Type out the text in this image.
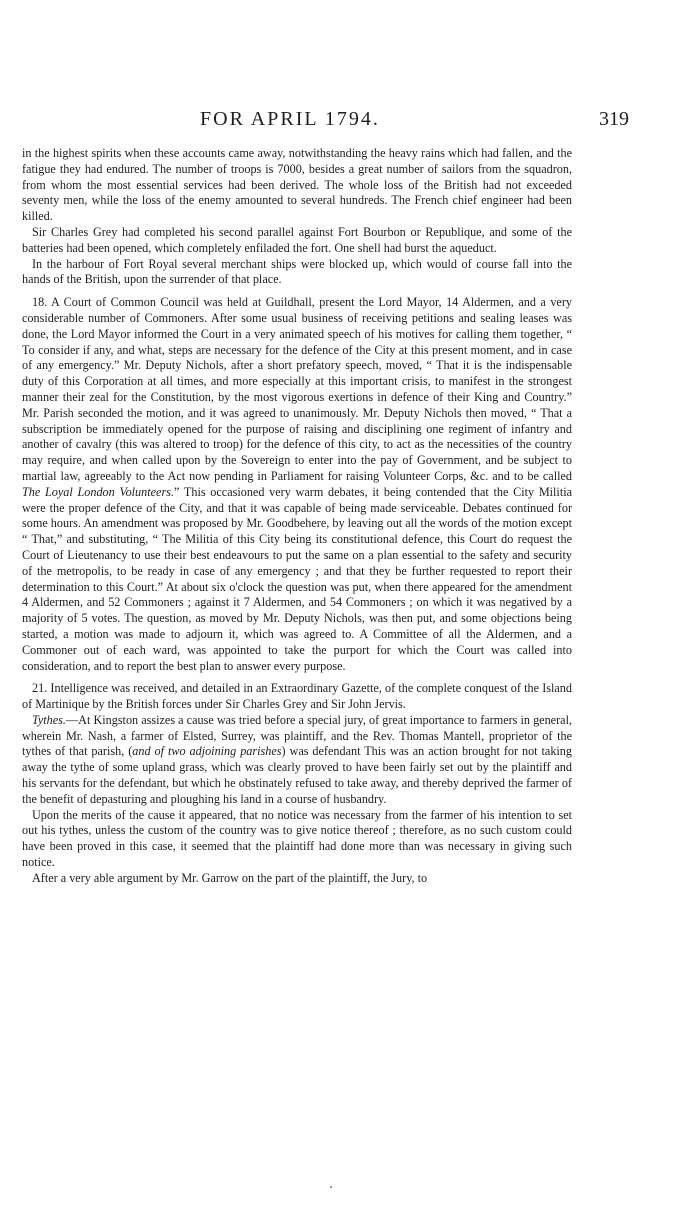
FOR APRIL 1794.	319

in the highest spirits when these accounts came away, notwithstanding the heavy rains which had fallen, and the fatigue they had endured. The number of troops is 7000, besides a great number of sailors from the squadron, from whom the most essential services had been derived. The whole loss of the British had not exceeded seventy men, while the loss of the enemy amounted to several hundreds. The French chief engineer had been killed.

Sir Charles Grey had completed his second parallel against Fort Bourbon or Republique, and some of the batteries had been opened, which completely enfiladed the fort. One shell had burst the aqueduct.

In the harbour of Fort Royal several merchant ships were blocked up, which would of course fall into the hands of the British, upon the surrender of that place.

18. A Court of Common Council was held at Guildhall, present the Lord Mayor, 14 Aldermen, and a very considerable number of Commoners. After some usual business of receiving petitions and sealing leases was done, the Lord Mayor informed the Court in a very animated speech of his motives for calling them together, “ To consider if any, and what, steps are necessary for the defence of the City at this present moment, and in case of any emergency.” Mr. Deputy Nichols, after a short prefatory speech, moved, “ That it is the indispensable duty of this Corporation at all times, and more especially at this important crisis, to manifest in the strongest manner their zeal for the Constitution, by the most vigorous exertions in defence of their King and Country.” Mr. Parish seconded the motion, and it was agreed to unanimously. Mr. Deputy Nichols then moved, “ That a subscription be immediately opened for the purpose of raising and disciplining one regiment of infantry and another of cavalry (this was altered to troop) for the defence of this city, to act as the necessities of the country may require, and when called upon by the Sovereign to enter into the pay of Government, and be subject to martial law, agreeably to the Act now pending in Parliament for raising Volunteer Corps, &c. and to be called The Loyal London Volunteers.” This occasioned very warm debates, it being contended that the City Militia were the proper defence of the City, and that it was capable of being made serviceable. Debates continued for some hours. An amendment was proposed by Mr. Goodbehere, by leaving out all the words of the motion except “ That,” and substituting, “ The Militia of this City being its constitutional defence, this Court do request the Court of Lieutenancy to use their best endeavours to put the same on a plan essential to the safety and security of the metropolis, to be ready in case of any emergency ; and that they be further requested to report their determination to this Court.” At about six o'clock the question was put, when there appeared for the amendment 4 Aldermen, and 52 Commoners ; against it 7 Aldermen, and 54 Commoners ; on which it was negatived by a majority of 5 votes. The question, as moved by Mr. Deputy Nichols, was then put, and some objections being started, a motion was made to adjourn it, which was agreed to. A Committee of all the Aldermen, and a Commoner out of each ward, was appointed to take the purport for which the Court was called into consideration, and to report the best plan to answer every purpose.

21. Intelligence was received, and detailed in an Extraordinary Gazette, of the complete conquest of the Island of Martinique by the British forces under Sir Charles Grey and Sir John Jervis.

Tythes.—At Kingston assizes a cause was tried before a special jury, of great importance to farmers in general, wherein Mr. Nash, a farmer of Elsted, Surrey, was plaintiff, and the Rev. Thomas Mantell, proprietor of the tythes of that parish, (and of two adjoining parishes) was defendant This was an action brought for not taking away the tythe of some upland grass, which was clearly proved to have been fairly set out by the plaintiff and his servants for the defendant, but which he obstinately refused to take away, and thereby deprived the farmer of the benefit of depasturing and ploughing his land in a course of husbandry.

Upon the merits of the cause it appeared, that no notice was necessary from the farmer of his intention to set out his tythes, unless the custom of the country was to give notice thereof ; therefore, as no such custom could have been proved in this case, it seemed that the plaintiff had done more than was necessary in giving such notice.

After a very able argument by Mr. Garrow on the part of the plaintiff, the Jury, to
